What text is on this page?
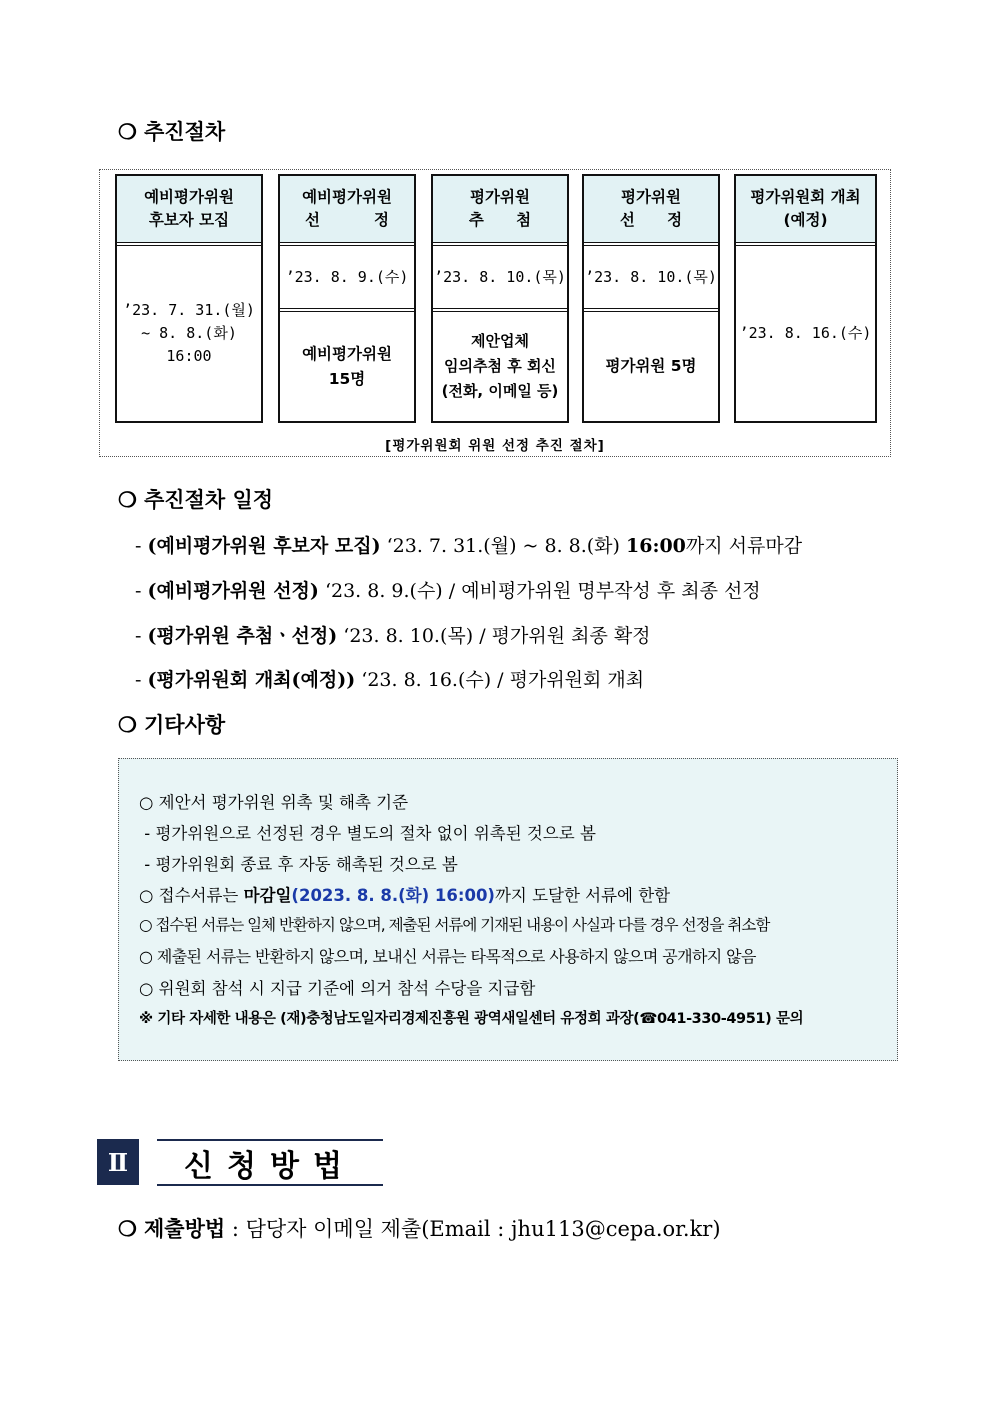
❍ 추진절차
예비평가위원
후보자 모집
’23. 7. 31.(월)
~ 8. 8.(화)
16:00
예비평가위원
선          정
’23. 8. 9.(수)
예비평가위원
15명
평가위원
추      첨
’23. 8. 10.(목)
제안업체
임의추첨 후 회신
(전화, 이메일 등)
평가위원
선      정
’23. 8. 10.(목)
평가위원 5명
평가위원회 개최
(예정)
’23. 8. 16.(수)
[평가위원회 위원 선정 추진 절차]
❍ 추진절차 일정
- (예비평가위원 후보자 모집) ‘23. 7. 31.(월) ~ 8. 8.(화) 16:00까지 서류마감
- (예비평가위원 선정) ‘23. 8. 9.(수) / 예비평가위원 명부작성 후 최종 선정
- (평가위원 추첨ㆍ선정) ‘23. 8. 10.(목) / 평가위원 최종 확정
- (평가위원회 개최(예정)) ‘23. 8. 16.(수) / 평가위원회 개최
❍ 기타사항
○ 제안서 평가위원 위촉 및 해촉 기준
- 평가위원으로 선정된 경우 별도의 절차 없이 위촉된 것으로 봄
- 평가위원회 종료 후 자동 해촉된 것으로 봄
○ 접수서류는 마감일(2023. 8. 8.(화) 16:00)까지 도달한 서류에 한함
○ 접수된 서류는 일체 반환하지 않으며, 제출된 서류에 기재된 내용이 사실과 다를 경우 선정을 취소함
○ 제출된 서류는 반환하지 않으며, 보내신 서류는 타목적으로 사용하지 않으며 공개하지 않음
○ 위원회 참석 시 지급 기준에 의거 참석 수당을 지급함
※ 기타 자세한 내용은 (재)충청남도일자리경제진흥원 광역새일센터 유정희 과장(☎041-330-4951) 문의
Ⅱ	신청방법
❍ 제출방법 : 담당자 이메일 제출(Email : jhu113@cepa.or.kr)
